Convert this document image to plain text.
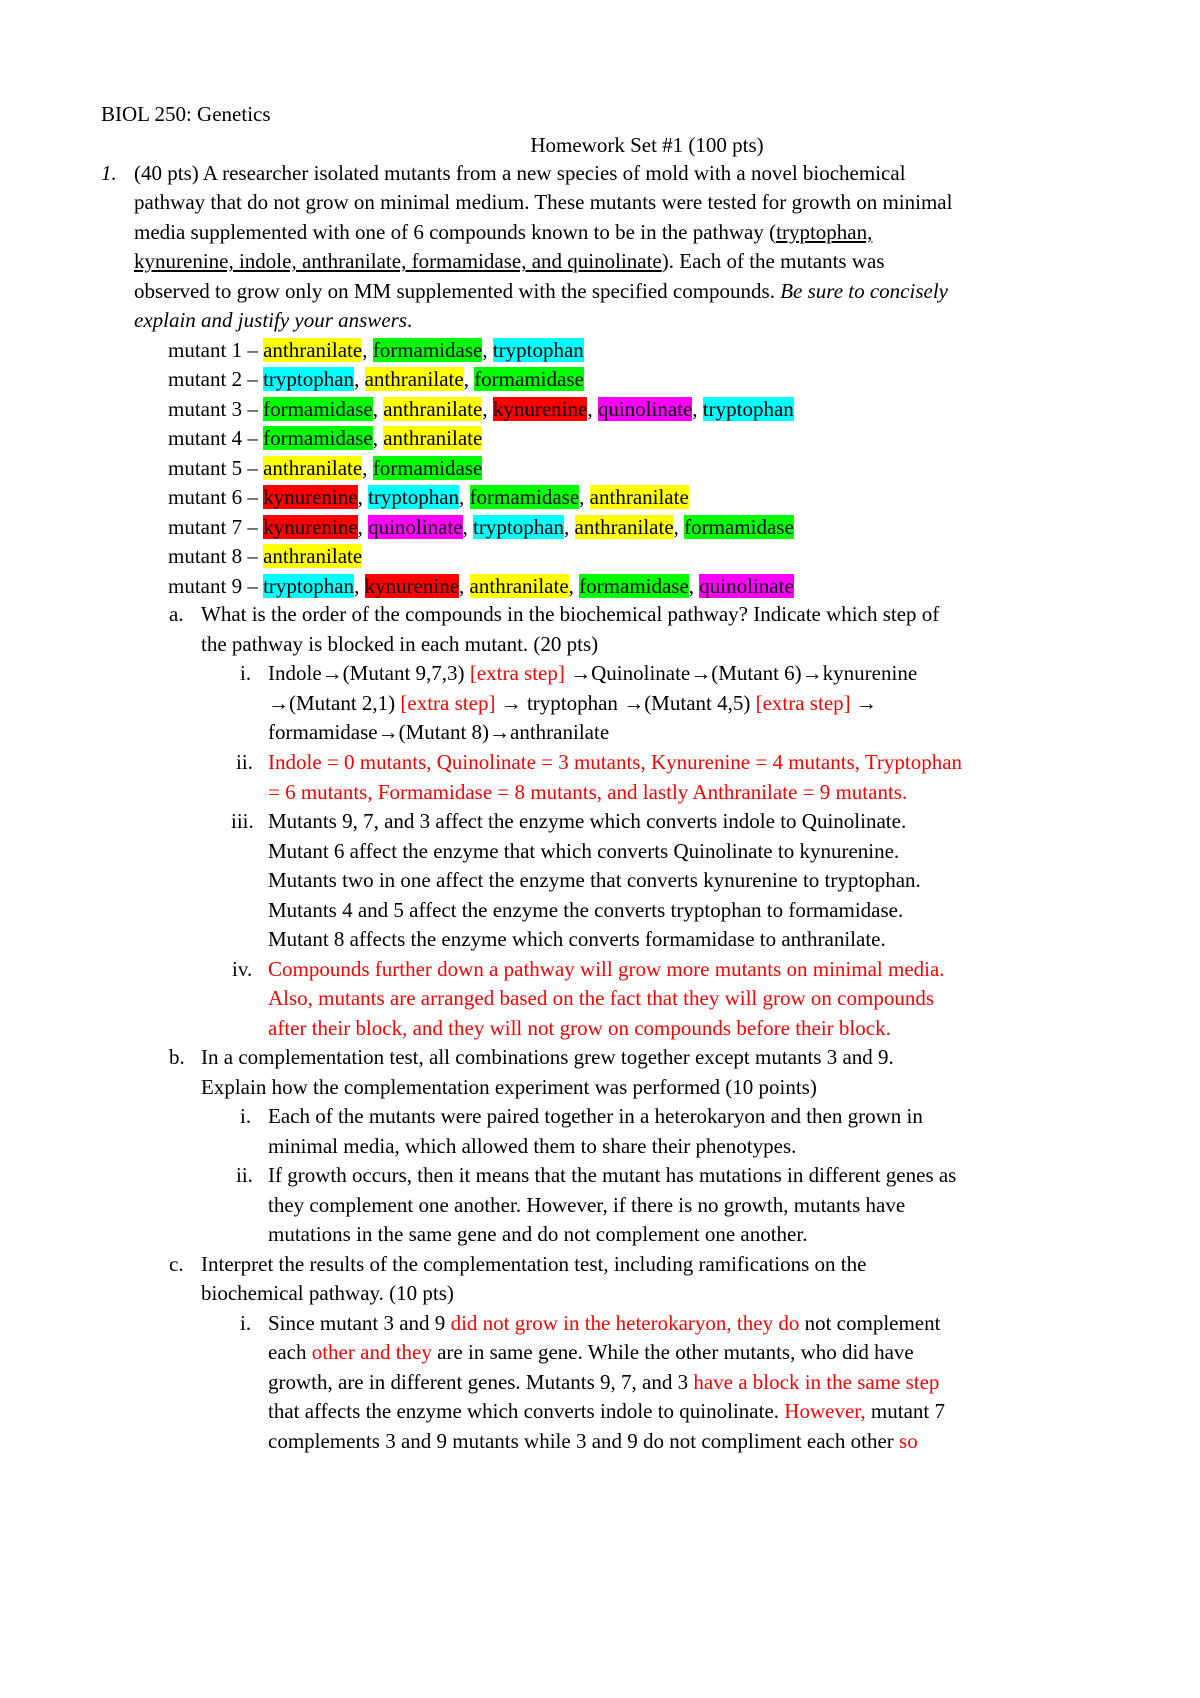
BIOL 250: Genetics
Homework Set #1 (100 pts)
1. (40 pts) A researcher isolated mutants from a new species of mold with a novel biochemical
pathway that do not grow on minimal medium. These mutants were tested for growth on minimal
media supplemented with one of 6 compounds known to be in the pathway (tryptophan,
kynurenine, indole, anthranilate, formamidase, and quinolinate). Each of the mutants was
observed to grow only on MM supplemented with the specified compounds. Be sure to concisely
explain and justify your answers.
mutant 1 – anthranilate, formamidase, tryptophan
mutant 2 – tryptophan, anthranilate, formamidase
mutant 3 – formamidase, anthranilate, kynurenine, quinolinate, tryptophan
mutant 4 – formamidase, anthranilate
mutant 5 – anthranilate, formamidase
mutant 6 – kynurenine, tryptophan, formamidase, anthranilate
mutant 7 – kynurenine, quinolinate, tryptophan, anthranilate, formamidase
mutant 8 – anthranilate
mutant 9 – tryptophan, kynurenine, anthranilate, formamidase, quinolinate
a. What is the order of the compounds in the biochemical pathway? Indicate which step of
the pathway is blocked in each mutant. (20 pts)
i. Indole→(Mutant 9,7,3) [extra step] →Quinolinate→(Mutant 6)→kynurenine
→(Mutant 2,1) [extra step] → tryptophan →(Mutant 4,5) [extra step] →
formamidase→(Mutant 8)→anthranilate
ii. Indole = 0 mutants, Quinolinate = 3 mutants, Kynurenine = 4 mutants, Tryptophan
= 6 mutants, Formamidase = 8 mutants, and lastly Anthranilate = 9 mutants.
iii. Mutants 9, 7, and 3 affect the enzyme which converts indole to Quinolinate.
Mutant 6 affect the enzyme that which converts Quinolinate to kynurenine.
Mutants two in one affect the enzyme that converts kynurenine to tryptophan.
Mutants 4 and 5 affect the enzyme the converts tryptophan to formamidase.
Mutant 8 affects the enzyme which converts formamidase to anthranilate.
iv. Compounds further down a pathway will grow more mutants on minimal media.
Also, mutants are arranged based on the fact that they will grow on compounds
after their block, and they will not grow on compounds before their block.
b. In a complementation test, all combinations grew together except mutants 3 and 9.
Explain how the complementation experiment was performed (10 points)
i. Each of the mutants were paired together in a heterokaryon and then grown in
minimal media, which allowed them to share their phenotypes.
ii. If growth occurs, then it means that the mutant has mutations in different genes as
they complement one another. However, if there is no growth, mutants have
mutations in the same gene and do not complement one another.
c. Interpret the results of the complementation test, including ramifications on the
biochemical pathway. (10 pts)
i. Since mutant 3 and 9 did not grow in the heterokaryon, they do not complement
each other and they are in same gene. While the other mutants, who did have
growth, are in different genes. Mutants 9, 7, and 3 have a block in the same step
that affects the enzyme which converts indole to quinolinate. However, mutant 7
complements 3 and 9 mutants while 3 and 9 do not compliment each other so
